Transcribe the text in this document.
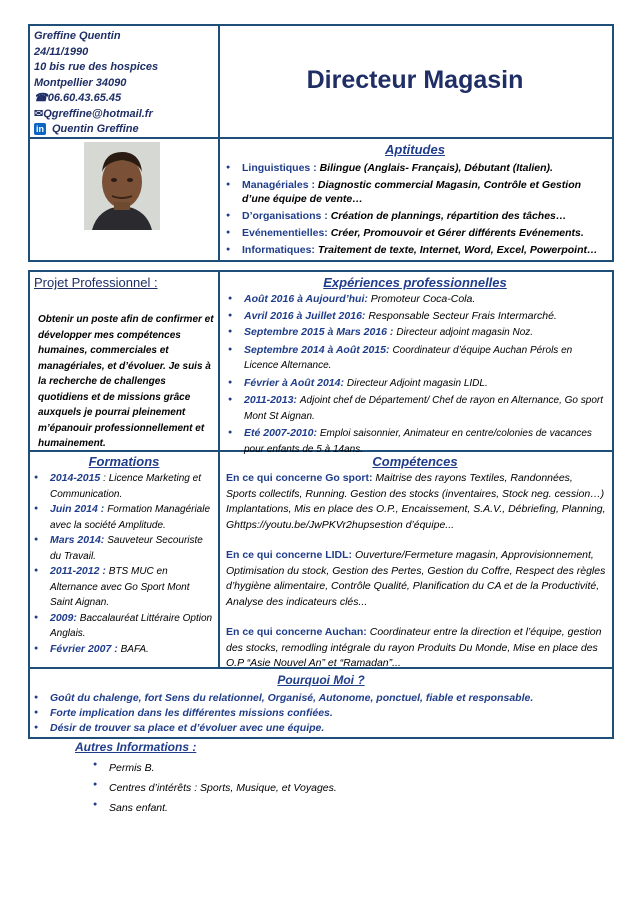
Greffine Quentin
24/11/1990
10 bis rue des hospices
Montpellier 34090
☎06.60.43.65.45
✉Qgreffine@hotmail.fr
in Quentin Greffine
Directeur Magasin
Aptitudes
● Linguistiques : Bilingue (Anglais- Français), Débutant (Italien).
● Managériales : Diagnostic commercial Magasin, Contrôle et Gestion d’une équipe de vente…
● D’organisations : Création de plannings, répartition des tâches…
● Evénementielles: Créer, Promouvoir et Gérer différents Evénements.
● Informatiques: Traitement de texte, Internet, Word, Excel, Powerpoint…
Projet Professionnel :
Obtenir un poste afin de confirmer et développer mes compétences humaines, commerciales et managériales, et d’évoluer. Je suis à la recherche de challenges quotidiens et de missions grâce auxquels je pourrai pleinement m’épanouir professionnellement et humainement.
Expériences professionnelles
● Août 2016 à Aujourd’hui: Promoteur Coca-Cola.
● Avril 2016 à Juillet 2016: Responsable Secteur Frais Intermarché.
● Septembre 2015 à Mars 2016 : Directeur adjoint magasin Noz.
● Septembre 2014 à Août 2015: Coordinateur d’équipe Auchan Pérols en Licence Alternance.
● Février à Août 2014: Directeur Adjoint magasin LIDL.
● 2011-2013: Adjoint chef de Département/ Chef de rayon en Alternance, Go sport Mont St Aignan.
● Eté 2007-2010: Emploi saisonnier, Animateur en centre/colonies de vacances pour enfants de 5 à 14ans.
Formations
● 2014-2015 : Licence Marketing et Communication.
● Juin 2014 : Formation Managériale avec la société Amplitude.
● Mars 2014: Sauveteur Secouriste du Travail.
● 2011-2012 : BTS MUC en Alternance avec Go Sport Mont Saint Aignan.
● 2009: Baccalauréat Littéraire Option Anglais.
● Février 2007 : BAFA.
Compétences
En ce qui concerne Go sport: Maitrise des rayons Textiles, Randonnées, Sports collectifs, Running. Gestion des stocks (inventaires, Stock neg. cession…) Implantations, Mis en place des O.P., Encaissement, S.A.V., Débriefing, Planning, Ghttps://youtu.be/JwPKVr2hupsestion d’équipe...
En ce qui concerne LIDL: Ouverture/Fermeture magasin, Approvisionnement, Optimisation du stock, Gestion des Pertes, Gestion du Coffre, Respect des règles d’hygiène alimentaire, Contrôle Qualité, Planification du CA et de la Productivité, Analyse des indicateurs clés...
En ce qui concerne Auchan: Coordinateur entre la direction et l’équipe, gestion des stocks, remodling intégrale du rayon Produits Du Monde, Mise en place des O.P “Asie Nouvel An” et “Ramadan”...
Pourquoi Moi ?
● Goût du chalenge, fort Sens du relationnel, Organisé, Autonome, ponctuel, fiable et responsable.
● Forte implication dans les différentes missions confiées.
● Désir de trouver sa place et d’évoluer avec une équipe.
Autres Informations :
● Permis B.
● Centres d’intérêts : Sports, Musique, et Voyages.
● Sans enfant.
